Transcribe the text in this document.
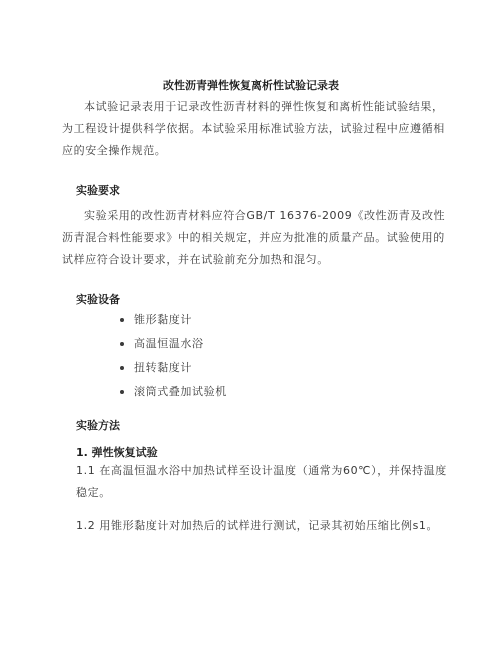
改性沥青弹性恢复离析性试验记录表
本试验记录表用于记录改性沥青材料的弹性恢复和离析性能试验结果，为工程设计提供科学依据。本试验采用标准试验方法，试验过程中应遵循相应的安全操作规范。
实验要求
实验采用的改性沥青材料应符合GB/T 16376-2009《改性沥青及改性沥青混合料性能要求》中的相关规定，并应为批准的质量产品。试验使用的试样应符合设计要求，并在试验前充分加热和混匀。
实验设备
锥形黏度计
高温恒温水浴
扭转黏度计
滚筒式叠加试验机
实验方法
1. 弹性恢复试验
1.1 在高温恒温水浴中加热试样至设计温度（通常为60℃），并保持温度稳定。
1.2 用锥形黏度计对加热后的试样进行测试，记录其初始压缩比例s1。
